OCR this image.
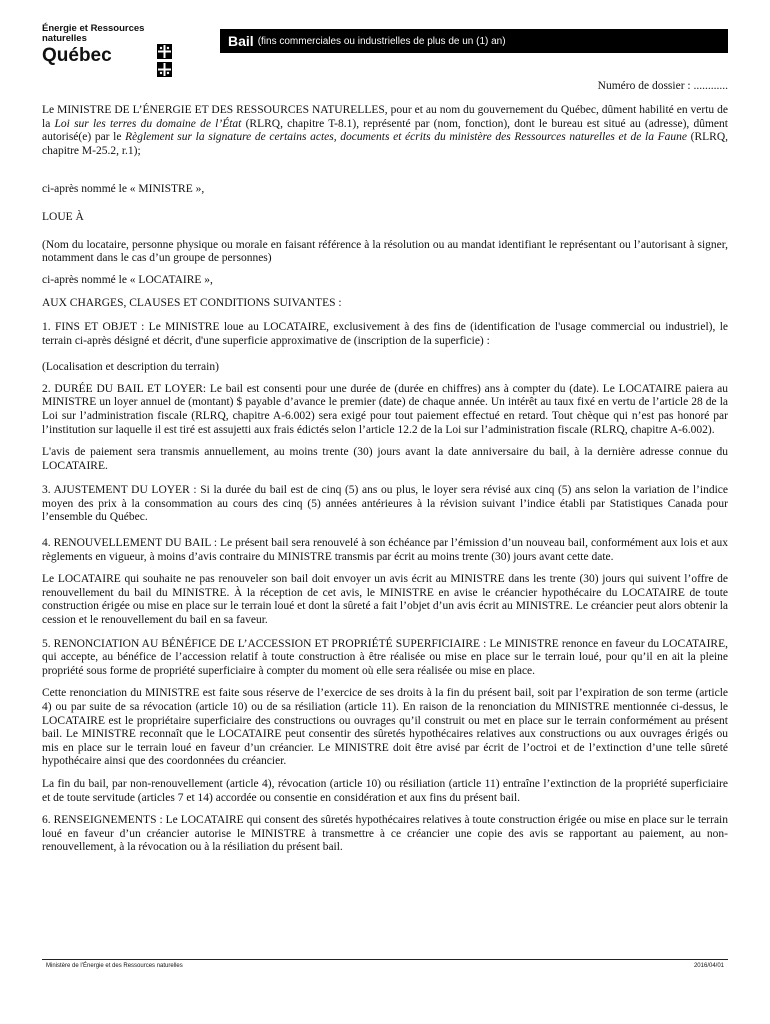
Énergie et Ressources
naturelles
Québec
Bail (fins commerciales ou industrielles de plus de un (1) an)
Numéro de dossier : ............

Le MINISTRE DE L’ÉNERGIE ET DES RESSOURCES NATURELLES, pour et au nom du gouvernement du Québec, dûment habilité en vertu de la Loi sur les terres du domaine de l’État (RLRQ, chapitre T-8.1), représenté par (nom, fonction), dont le bureau est situé au (adresse), dûment autorisé(e) par le Règlement sur la signature de certains actes, documents et écrits du ministère des Ressources naturelles et de la Faune (RLRQ, chapitre M-25.2, r.1);

ci-après nommé le « MINISTRE »,

LOUE À

(Nom du locataire, personne physique ou morale en faisant référence à la résolution ou au mandat identifiant le représentant ou l’autorisant à signer, notamment dans le cas d’un groupe de personnes)

ci-après nommé le « LOCATAIRE »,

AUX CHARGES, CLAUSES ET CONDITIONS SUIVANTES :

1. FINS ET OBJET : Le MINISTRE loue au LOCATAIRE, exclusivement à des fins de (identification de l'usage commercial ou industriel), le terrain ci-après désigné et décrit, d'une superficie approximative de (inscription de la superficie) :

(Localisation et description du terrain)

2. DURÉE DU BAIL ET LOYER: Le bail est consenti pour une durée de (durée en chiffres) ans à compter du (date). Le LOCATAIRE paiera au MINISTRE un loyer annuel de (montant) $ payable d’avance le premier (date) de chaque année. Un intérêt au taux fixé en vertu de l’article 28 de la Loi sur l’administration fiscale (RLRQ, chapitre A-6.002) sera exigé pour tout paiement effectué en retard. Tout chèque qui n’est pas honoré par l’institution sur laquelle il est tiré est assujetti aux frais édictés selon l’article 12.2 de la Loi sur l’administration fiscale (RLRQ, chapitre A-6.002).

L'avis de paiement sera transmis annuellement, au moins trente (30) jours avant la date anniversaire du bail, à la dernière adresse connue du LOCATAIRE.

3. AJUSTEMENT DU LOYER : Si la durée du bail est de cinq (5) ans ou plus, le loyer sera révisé aux cinq (5) ans selon la variation de l’indice moyen des prix à la consommation au cours des cinq (5) années antérieures à la révision suivant l’indice établi par Statistiques Canada pour l’ensemble du Québec.

4. RENOUVELLEMENT DU BAIL : Le présent bail sera renouvelé à son échéance par l’émission d’un nouveau bail, conformément aux lois et aux règlements en vigueur, à moins d’avis contraire du MINISTRE transmis par écrit au moins trente (30) jours avant cette date.

Le LOCATAIRE qui souhaite ne pas renouveler son bail doit envoyer un avis écrit au MINISTRE dans les trente (30) jours qui suivent l’offre de renouvellement du bail du MINISTRE. À la réception de cet avis, le MINISTRE en avise le créancier hypothécaire du LOCATAIRE de toute construction érigée ou mise en place sur le terrain loué et dont la sûreté a fait l’objet d’un avis écrit au MINISTRE. Le créancier peut alors obtenir la cession et le renouvellement du bail en sa faveur.

5. RENONCIATION AU BÉNÉFICE DE L’ACCESSION ET PROPRIÉTÉ SUPERFICIAIRE : Le MINISTRE renonce en faveur du LOCATAIRE, qui accepte, au bénéfice de l’accession relatif à toute construction à être réalisée ou mise en place sur le terrain loué, pour qu’il en ait la pleine propriété sous forme de propriété superficiaire à compter du moment où elle sera réalisée ou mise en place.

Cette renonciation du MINISTRE est faite sous réserve de l’exercice de ses droits à la fin du présent bail, soit par l’expiration de son terme (article 4) ou par suite de sa révocation (article 10) ou de sa résiliation (article 11). En raison de la renonciation du MINISTRE mentionnée ci-dessus, le LOCATAIRE est le propriétaire superficiaire des constructions ou ouvrages qu’il construit ou met en place sur le terrain conformément au présent bail. Le MINISTRE reconnaît que le LOCATAIRE peut consentir des sûretés hypothécaires relatives aux constructions ou aux ouvrages érigés ou mis en place sur le terrain loué en faveur d’un créancier. Le MINISTRE doit être avisé par écrit de l’octroi et de l’extinction d’une telle sûreté hypothécaire ainsi que des coordonnées du créancier.

La fin du bail, par non-renouvellement (article 4), révocation (article 10) ou résiliation (article 11) entraîne l’extinction de la propriété superficiaire et de toute servitude (articles 7 et 14) accordée ou consentie en considération et aux fins du présent bail.

6. RENSEIGNEMENTS : Le LOCATAIRE qui consent des sûretés hypothécaires relatives à toute construction érigée ou mise en place sur le terrain loué en faveur d’un créancier autorise le MINISTRE à transmettre à ce créancier une copie des avis se rapportant au paiement, au non-renouvellement, à la révocation ou à la résiliation du présent bail.

Ministère de l’Énergie et des Ressources naturelles	2016/04/01
